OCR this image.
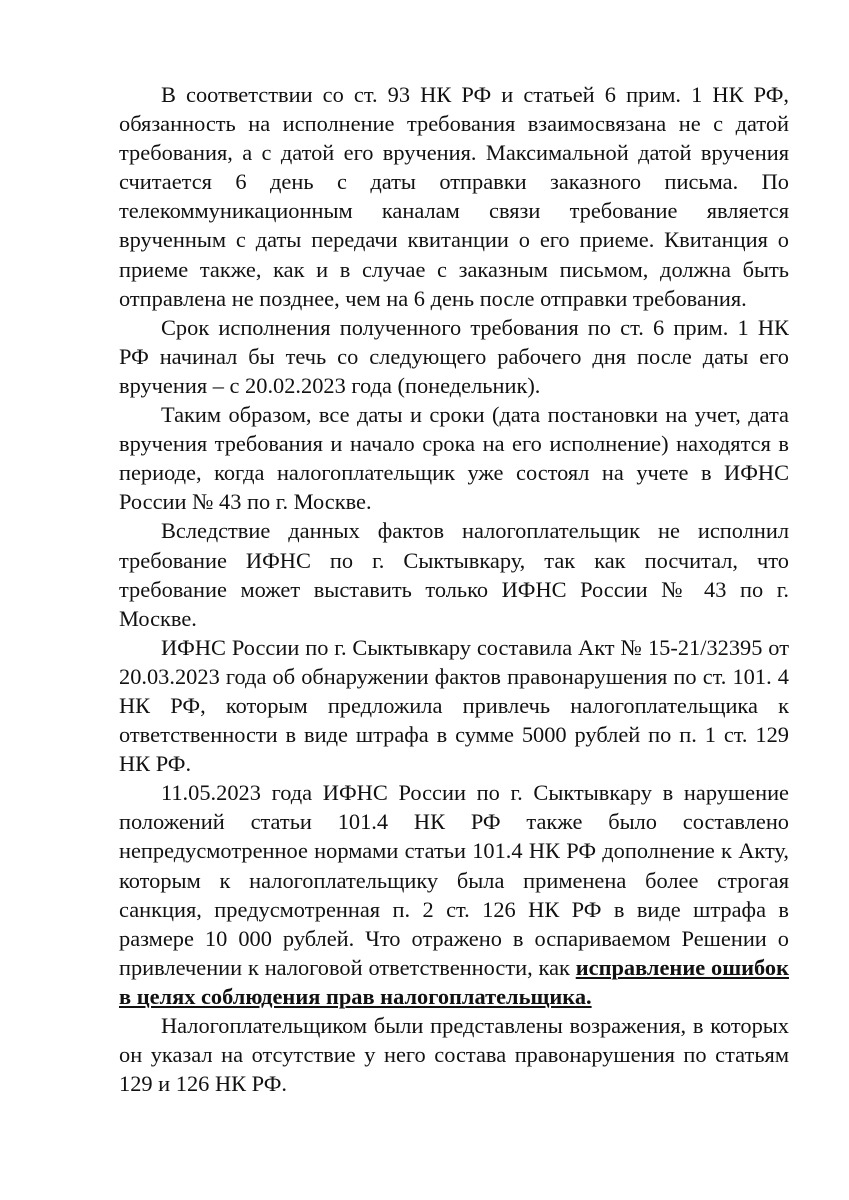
В соответствии со ст. 93 НК РФ и статьей 6 прим. 1 НК РФ, обязанность на исполнение требования взаимосвязана не с датой требования, а с датой его вручения. Максимальной датой вручения считается 6 день с даты отправки заказного письма. По телекоммуникационным каналам связи требование является врученным с даты передачи квитанции о его приеме. Квитанция о приеме также, как и в случае с заказным письмом, должна быть отправлена не позднее, чем на 6 день после отправки требования.

Срок исполнения полученного требования по ст. 6 прим. 1 НК РФ начинал бы течь со следующего рабочего дня после даты его вручения – с 20.02.2023 года (понедельник).

Таким образом, все даты и сроки (дата постановки на учет, дата вручения требования и начало срока на его исполнение) находятся в периоде, когда налогоплательщик уже состоял на учете в ИФНС России № 43 по г. Москве.

Вследствие данных фактов налогоплательщик не исполнил требование ИФНС по г. Сыктывкару, так как посчитал, что требование может выставить только ИФНС России № 43 по г. Москве.

ИФНС России по г. Сыктывкару составила Акт № 15-21/32395 от 20.03.2023 года об обнаружении фактов правонарушения по ст. 101. 4 НК РФ, которым предложила привлечь налогоплательщика к ответственности в виде штрафа в сумме 5000 рублей по п. 1 ст. 129 НК РФ.

11.05.2023 года ИФНС России по г. Сыктывкару в нарушение положений статьи 101.4 НК РФ также было составлено непредусмотренное нормами статьи 101.4 НК РФ дополнение к Акту, которым к налогоплательщику была применена более строгая санкция, предусмотренная п. 2 ст. 126 НК РФ в виде штрафа в размере 10 000 рублей. Что отражено в оспариваемом Решении о привлечении к налоговой ответственности, как исправление ошибок в целях соблюдения прав налогоплательщика.

Налогоплательщиком были представлены возражения, в которых он указал на отсутствие у него состава правонарушения по статьям 129 и 126 НК РФ.
